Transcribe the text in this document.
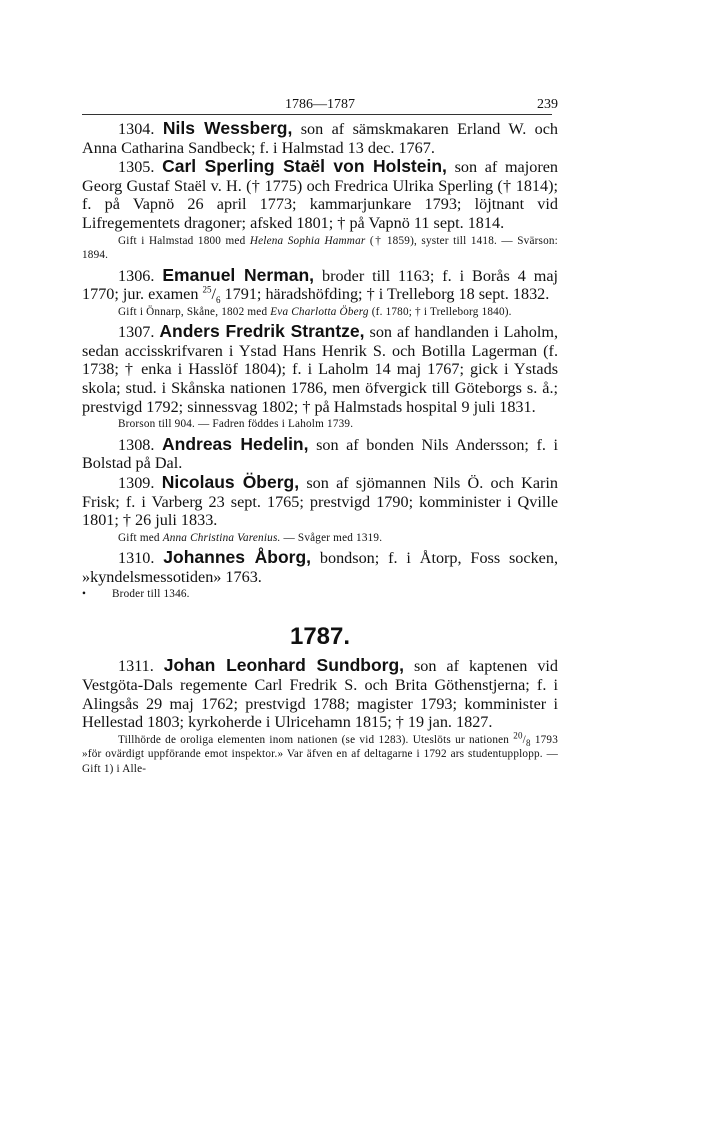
1786—1787	239

1304. Nils Wessberg, son af sämskmakaren Erland W. och Anna Catharina Sandbeck; f. i Halmstad 13 dec. 1767.

1305. Carl Sperling Staël von Holstein, son af majoren Georg Gustaf Staël v. H. († 1775) och Fredrica Ulrika Sperling († 1814); f. på Vapnö 26 april 1773; kammarjunkare 1793; löjtnant vid Lifregementets dragoner; afsked 1801; † på Vapnö 11 sept. 1814.

Gift i Halmstad 1800 med Helena Sophia Hammar († 1859), syster till 1418. — Svärson: 1894.

1306. Emanuel Nerman, broder till 1163; f. i Borås 4 maj 1770; jur. examen $^{25}/_6$ 1791; häradshöfding; † i Trelleborg 18 sept. 1832.

Gift i Önnarp, Skåne, 1802 med Eva Charlotta Öberg (f. 1780; † i Trelleborg 1840).

1307. Anders Fredrik Strantze, son af handlanden i Laholm, sedan accisskrifvaren i Ystad Hans Henrik S. och Botilla Lagerman (f. 1738; † enka i Hasslöf 1804); f. i Laholm 14 maj 1767; gick i Ystads skola; stud. i Skånska nationen 1786, men öfvergick till Göteborgs s. å.; prestvigd 1792; sinnessvag 1802; † på Halmstads hospital 9 juli 1831.

Brorson till 904. — Fadren föddes i Laholm 1739.

1308. Andreas Hedelin, son af bonden Nils Andersson; f. i Bolstad på Dal.

1309. Nicolaus Öberg, son af sjömannen Nils Ö. och Karin Frisk; f. i Varberg 23 sept. 1765; prestvigd 1790; komminister i Qville 1801; † 26 juli 1833.

Gift med Anna Christina Varenius. — Svåger med 1319.

1310. Johannes Åborg, bondson; f. i Åtorp, Foss socken, »kyndelsmessotiden» 1763.

• Broder till 1346.
1787.

1311. Johan Leonhard Sundborg, son af kaptenen vid Vestgöta-Dals regemente Carl Fredrik S. och Brita Göthenstjerna; f. i Alingsås 29 maj 1762; prestvigd 1788; magister 1793; komminister i Hellestad 1803; kyrkoherde i Ulricehamn 1815; † 19 jan. 1827.

Tillhörde de oroliga elementen inom nationen (se vid 1283). Uteslöts ur nationen $^{20}/_8$ 1793 »för ovärdigt uppförande emot inspektor.» Var äfven en af deltagarne i 1792 ars studentupplopp. — Gift 1) i Alle-
